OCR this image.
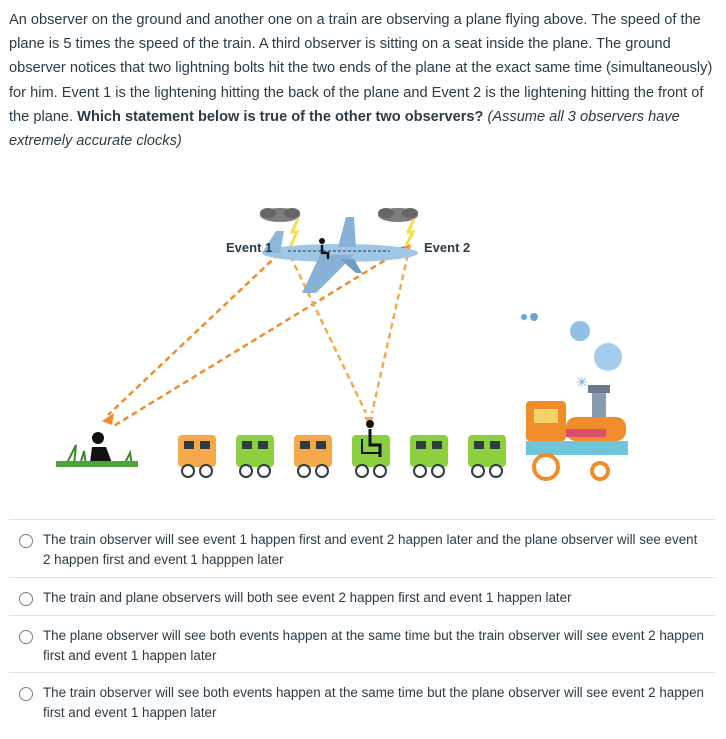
An observer on the ground and another one on a train are observing a plane flying above. The speed of the plane is 5 times the speed of the train. A third observer is sitting on a seat inside the plane. The ground observer notices that two lightning bolts hit the two ends of the plane at the exact same time (simultaneously) for him. Event 1 is the lightening hitting the back of the plane and Event 2 is the lightening hitting the front of the plane. Which statement below is true of the other two observers? (Assume all 3 observers have extremely accurate clocks)
Event 1	Event 2
✳
The train observer will see event 1 happen first and event 2 happen later and the plane observer will see event 2 happen first and event 1 happpen later
The train and plane observers will both see event 2 happen first and event 1 happen later
The plane observer will see both events happen at the same time but the train observer will see event 2 happen first and event 1 happen later
The train observer will see both events happen at the same time but the plane observer will see event 2 happen first and event 1 happen later
